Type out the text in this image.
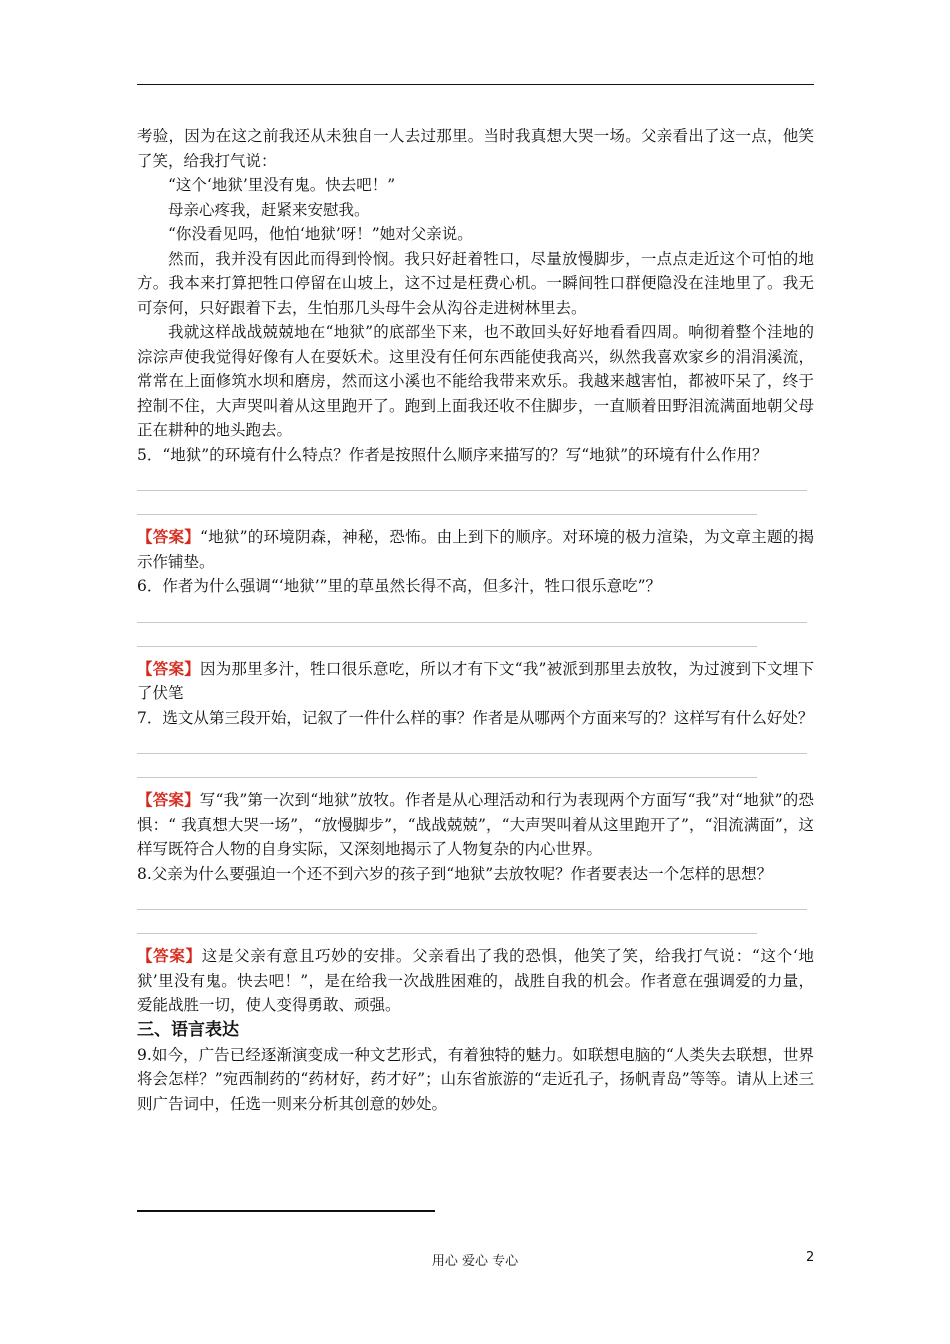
考验，因为在这之前我还从未独自一人去过那里。当时我真想大哭一场。父亲看出了这一点，他笑了笑，给我打气说：

“这个‘地狱’里没有鬼。快去吧！”

母亲心疼我，赶紧来安慰我。

“你没看见吗，他怕‘地狱’呀！”她对父亲说。

然而，我并没有因此而得到怜悯。我只好赶着牲口，尽量放慢脚步，一点点走近这个可怕的地方。我本来打算把牲口停留在山坡上，这不过是枉费心机。一瞬间牲口群便隐没在洼地里了。我无可奈何，只好跟着下去，生怕那几头母牛会从沟谷走进树林里去。

我就这样战战兢兢地在“地狱”的底部坐下来，也不敢回头好好地看看四周。响彻着整个洼地的淙淙声使我觉得好像有人在耍妖术。这里没有任何东西能使我高兴，纵然我喜欢家乡的涓涓溪流，常常在上面修筑水坝和磨房，然而这小溪也不能给我带来欢乐。我越来越害怕，都被吓呆了，终于控制不住，大声哭叫着从这里跑开了。跑到上面我还收不住脚步，一直顺着田野泪流满面地朝父母正在耕种的地头跑去。

5．“地狱”的环境有什么特点？作者是按照什么顺序来描写的？写“地狱”的环境有什么作用？

【答案】“地狱”的环境阴森，神秘，恐怖。由上到下的顺序。对环境的极力渲染，为文章主题的揭示作铺垫。

6．作者为什么强调“‘地狱’”里的草虽然长得不高，但多汁，牲口很乐意吃”？

【答案】因为那里多汁，牲口很乐意吃，所以才有下文“我”被派到那里去放牧，为过渡到下文埋下了伏笔

7．选文从第三段开始，记叙了一件什么样的事？作者是从哪两个方面来写的？这样写有什么好处？

【答案】写“我”第一次到“地狱”放牧。作者是从心理活动和行为表现两个方面写“我”对“地狱”的恐惧：“ 我真想大哭一场”，“放慢脚步”，“战战兢兢”，“大声哭叫着从这里跑开了”，“泪流满面”，这样写既符合人物的自身实际，又深刻地揭示了人物复杂的内心世界。

8.父亲为什么要强迫一个还不到六岁的孩子到“地狱”去放牧呢？作者要表达一个怎样的思想？

【答案】这是父亲有意且巧妙的安排。父亲看出了我的恐惧，他笑了笑，给我打气说：“这个‘地狱’里没有鬼。快去吧！”，是在给我一次战胜困难的，战胜自我的机会。作者意在强调爱的力量，爱能战胜一切，使人变得勇敢、顽强。

三、语言表达

9.如今，广告已经逐渐演变成一种文艺形式，有着独特的魅力。如联想电脑的“人类失去联想，世界将会怎样？”宛西制药的“药材好，药才好”；山东省旅游的“走近孔子，扬帆青岛”等等。请从上述三则广告词中，任选一则来分析其创意的妙处。

用心 爱心 专心	2
